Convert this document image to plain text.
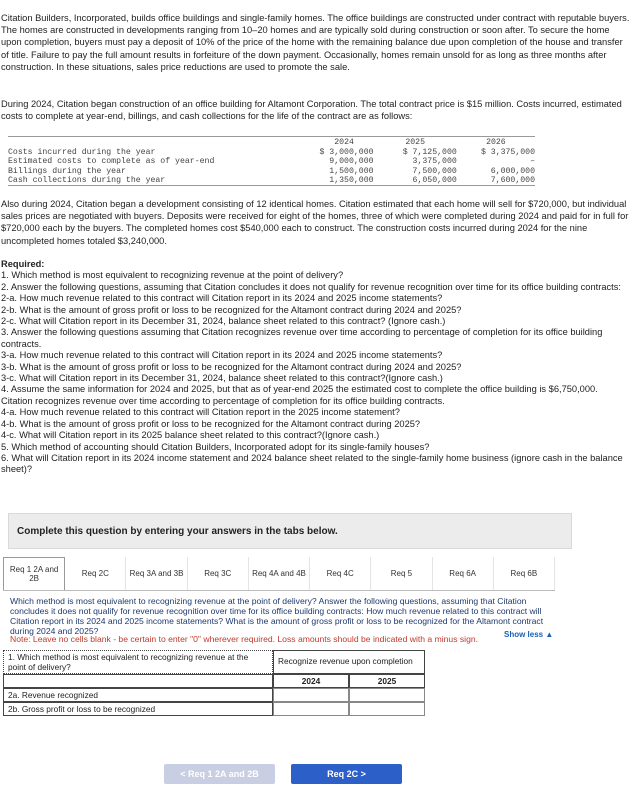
Citation Builders, Incorporated, builds office buildings and single-family homes. The office buildings are constructed under contract with reputable buyers. The homes are constructed in developments ranging from 10–20 homes and are typically sold during construction or soon after. To secure the home upon completion, buyers must pay a deposit of 10% of the price of the home with the remaining balance due upon completion of the house and transfer of title. Failure to pay the full amount results in forfeiture of the down payment. Occasionally, homes remain unsold for as long as three months after construction. In these situations, sales price reductions are used to promote the sale.

During 2024, Citation began construction of an office building for Altamont Corporation. The total contract price is $15 million. Costs incurred, estimated costs to complete at year-end, billings, and cash collections for the life of the contract are as follows:

	2024	2025	2026
Costs incurred during the year	$ 3,000,000	$ 7,125,000	$ 3,375,000
Estimated costs to complete as of year-end	9,000,000	3,375,000	–
Billings during the year	1,500,000	7,500,000	6,000,000
Cash collections during the year	1,350,000	6,050,000	7,600,000

Also during 2024, Citation began a development consisting of 12 identical homes. Citation estimated that each home will sell for $720,000, but individual sales prices are negotiated with buyers. Deposits were received for eight of the homes, three of which were completed during 2024 and paid for in full for $720,000 each by the buyers. The completed homes cost $540,000 each to construct. The construction costs incurred during 2024 for the nine uncompleted homes totaled $3,240,000.

Required:
1. Which method is most equivalent to recognizing revenue at the point of delivery?
2. Answer the following questions, assuming that Citation concludes it does not qualify for revenue recognition over time for its office building contracts:
2-a. How much revenue related to this contract will Citation report in its 2024 and 2025 income statements?
2-b. What is the amount of gross profit or loss to be recognized for the Altamont contract during 2024 and 2025?
2-c. What will Citation report in its December 31, 2024, balance sheet related to this contract? (Ignore cash.)
3. Answer the following questions assuming that Citation recognizes revenue over time according to percentage of completion for its office building contracts.
3-a. How much revenue related to this contract will Citation report in its 2024 and 2025 income statements?
3-b. What is the amount of gross profit or loss to be recognized for the Altamont contract during 2024 and 2025?
3-c. What will Citation report in its December 31, 2024, balance sheet related to this contract?(Ignore cash.)
4. Assume the same information for 2024 and 2025, but that as of year-end 2025 the estimated cost to complete the office building is $6,750,000. Citation recognizes revenue over time according to percentage of completion for its office building contracts.
4-a. How much revenue related to this contract will Citation report in the 2025 income statement?
4-b. What is the amount of gross profit or loss to be recognized for the Altamont contract during 2025?
4-c. What will Citation report in its 2025 balance sheet related to this contract?(Ignore cash.)
5. Which method of accounting should Citation Builders, Incorporated adopt for its single-family houses?
6. What will Citation report in its 2024 income statement and 2024 balance sheet related to the single-family home business (ignore cash in the balance sheet)?
Complete this question by entering your answers in the tabs below.
Req 1 2A and 2B
Req 2C	Req 3A and 3B	Req 3C	Req 4A and 4B	Req 4C	Req 5	Req 6A	Req 6B
Which method is most equivalent to recognizing revenue at the point of delivery? Answer the following questions, assuming that Citation concludes it does not qualify for revenue recognition over time for its office building contracts: How much revenue related to this contract will Citation report in its 2024 and 2025 income statements? What is the amount of gross profit or loss to be recognized for the Altamont contract during 2024 and 2025?
Note: Leave no cells blank - be certain to enter "0" wherever required. Loss amounts should be indicated with a minus sign.	Show less ▲
1. Which method is most equivalent to recognizing revenue at the point of delivery?
Recognize revenue upon completion
2024	2025
2a. Revenue recognized
2b. Gross profit or loss to be recognized
< Req 1 2A and 2B	Req 2C >
